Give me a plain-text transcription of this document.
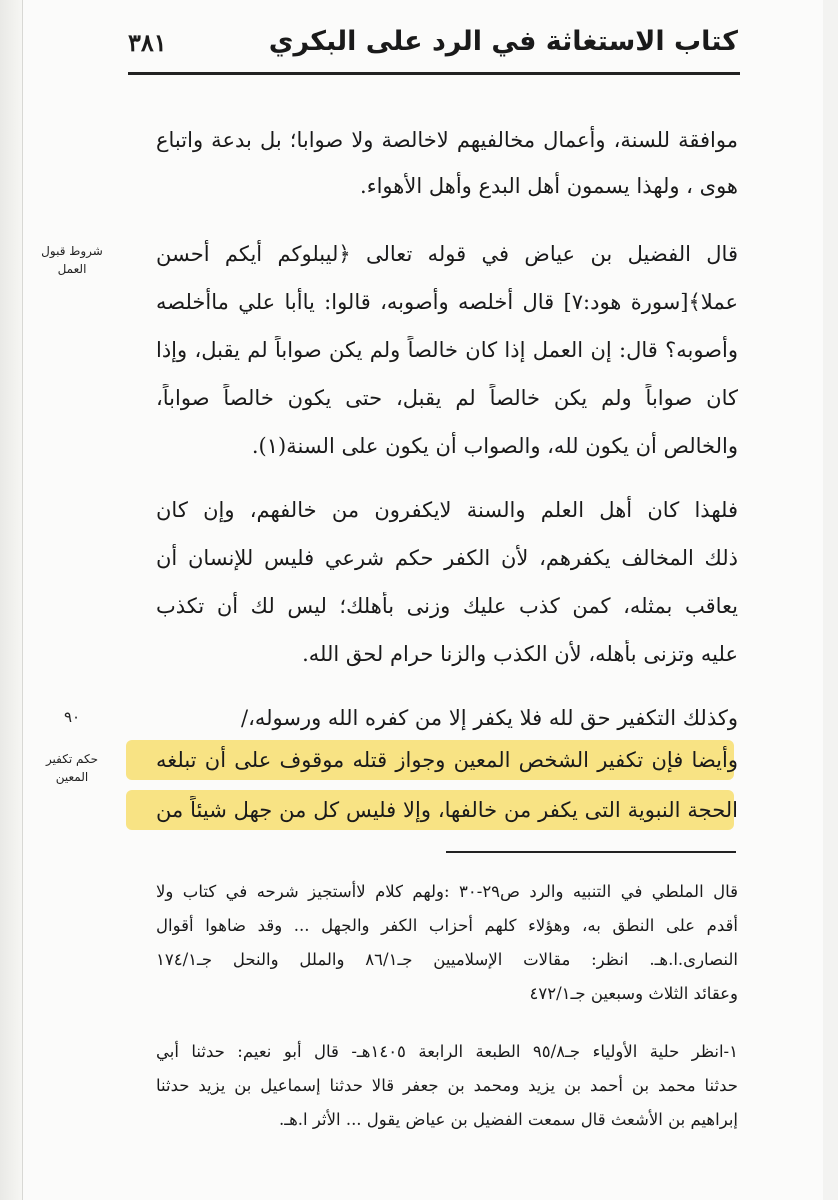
كتاب الاستغاثة في الرد على البكري
٣٨١
موافقة للسنة، وأعمال مخالفيهم لاخالصة ولا صوابا؛ بل بدعة واتباع
هوى ، ولهذا يسمون أهل البدع وأهل الأهواء.
قال الفضيل بن عياض في قوله تعالى ﴿ليبلوكم أيكم أحسن
عملا﴾[سورة هود:٧] قال أخلصه وأصوبه، قالوا: ياأبا علي ماأخلصه
وأصوبه؟ قال: إن العمل إذا كان خالصاً ولم يكن صواباً لم يقبل، وإذا
كان صواباً ولم يكن خالصاً لم يقبل، حتى يكون خالصاً صواباً،
والخالص أن يكون لله، والصواب أن يكون على السنة(١).
فلهذا كان أهل العلم والسنة لايكفرون من خالفهم، وإن كان
ذلك المخالف يكفرهم، لأن الكفر حكم شرعي فليس للإنسان أن
يعاقب بمثله، كمن كذب عليك وزنى بأهلك؛ ليس لك أن تكذب
عليه وتزنى بأهله، لأن الكذب والزنا حرام لحق الله.
وكذلك التكفير حق لله فلا يكفر إلا من كفره الله ورسوله،/
وأيضا فإن تكفير الشخص المعين وجواز قتله موقوف على أن تبلغه
الحجة النبوية التى يكفر من خالفها، وإلا فليس كل من جهل شيئاً من
شروط قبول
العمل
٩٠
حكم تكفير
المعين
قال الملطي في التنبيه والرد ص٢٩-٣٠ :ولهم كلام لاأستجيز شرحه في كتاب ولا
أقدم على النطق به، وهؤلاء كلهم أحزاب الكفر والجهل ... وقد ضاهوا أقوال
النصارى.ا.هـ. انظر: مقالات الإسلاميين جـ٨٦/١ والملل والنحل جـ١٧٤/١
وعقائد الثلاث وسبعين جـ٤٧٢/١
١-انظر حلية الأولياء جـ٩٥/٨ الطبعة الرابعة ١٤٠٥هـ- قال أبو نعيم: حدثنا أبي
حدثنا محمد بن أحمد بن يزيد ومحمد بن جعفر قالا حدثنا إسماعيل بن يزيد حدثنا
إبراهيم بن الأشعث قال سمعت الفضيل بن عياض يقول ... الأثر ا.هـ.
